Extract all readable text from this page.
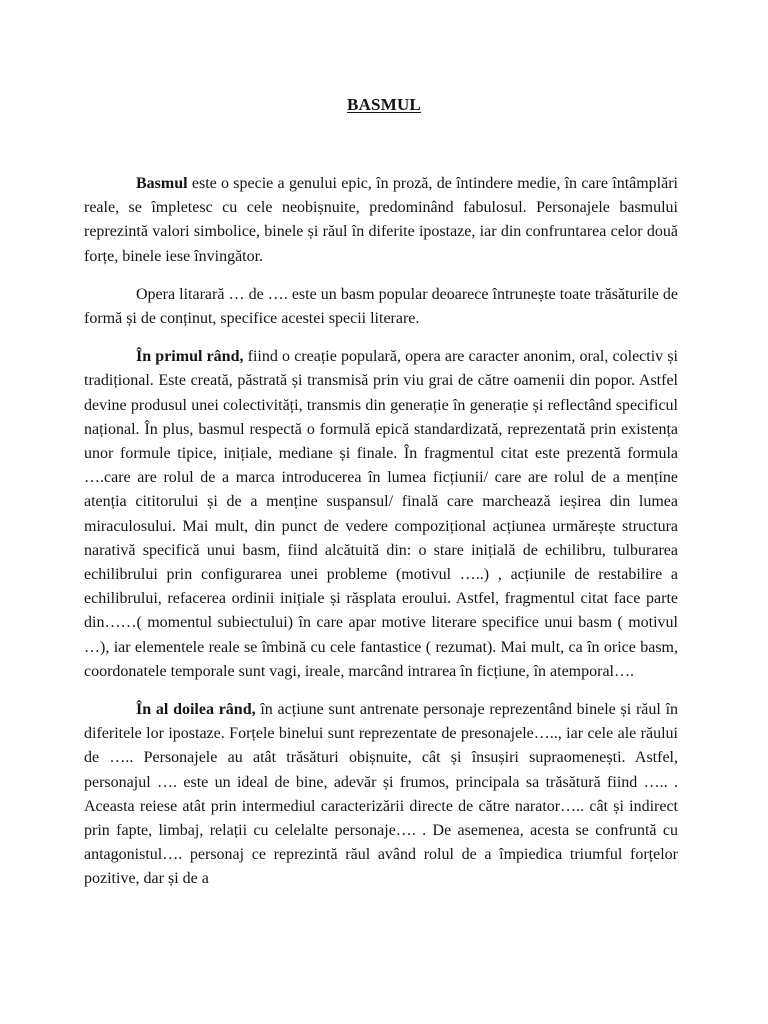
BASMUL

Basmul este o specie a genului epic, în proză, de întindere medie, în care întâmplări reale, se împletesc cu cele neobișnuite, predominând fabulosul. Personajele basmului reprezintă valori simbolice, binele și răul în diferite ipostaze, iar din confruntarea celor două forțe, binele iese învingător.

Opera litarară … de …. este un basm popular deoarece întrunește toate trăsăturile de formă și de conținut, specifice acestei specii literare.

În primul rând, fiind o creație populară, opera are caracter anonim, oral, colectiv și tradițional. Este creată, păstrată și transmisă prin viu grai de către oamenii din popor. Astfel devine produsul unei colectivități, transmis din generație în generație și reflectând specificul național. În plus, basmul respectă o formulă epică standardizată, reprezentată prin existența unor formule tipice, inițiale, mediane și finale. În fragmentul citat este prezentă formula ….care are rolul de a marca introducerea în lumea ficțiunii/ care are rolul de a menține atenția cititorului și de a menține suspansul/ finală care marchează ieșirea din lumea miraculosului. Mai mult, din punct de vedere compozițional acțiunea urmărește structura narativă specifică unui basm, fiind alcătuită din: o stare inițială de echilibru, tulburarea echilibrului prin configurarea unei probleme (motivul …..) , acțiunile de restabilire a echilibrului, refacerea ordinii inițiale și răsplata eroului. Astfel, fragmentul citat face parte din……( momentul subiectului) în care apar motive literare specifice unui basm ( motivul …), iar elementele reale se îmbină cu cele fantastice ( rezumat). Mai mult, ca în orice basm, coordonatele temporale sunt vagi, ireale, marcând intrarea în ficțiune, în atemporal….

În al doilea rând, în acțiune sunt antrenate personaje reprezentând binele și răul în diferitele lor ipostaze. Forțele binelui sunt reprezentate de presonajele….., iar cele ale răului de ….. Personajele au atât trăsături obișnuite, cât și însușiri supraomenești. Astfel, personajul …. este un ideal de bine, adevăr și frumos, principala sa trăsătură fiind ….. . Aceasta reiese atât prin intermediul caracterizării directe de către narator….. cât și indirect prin fapte, limbaj, relații cu celelalte personaje…. . De asemenea, acesta se confruntă cu antagonistul…. personaj ce reprezintă răul având rolul de a împiedica triumful forțelor pozitive, dar și de a
